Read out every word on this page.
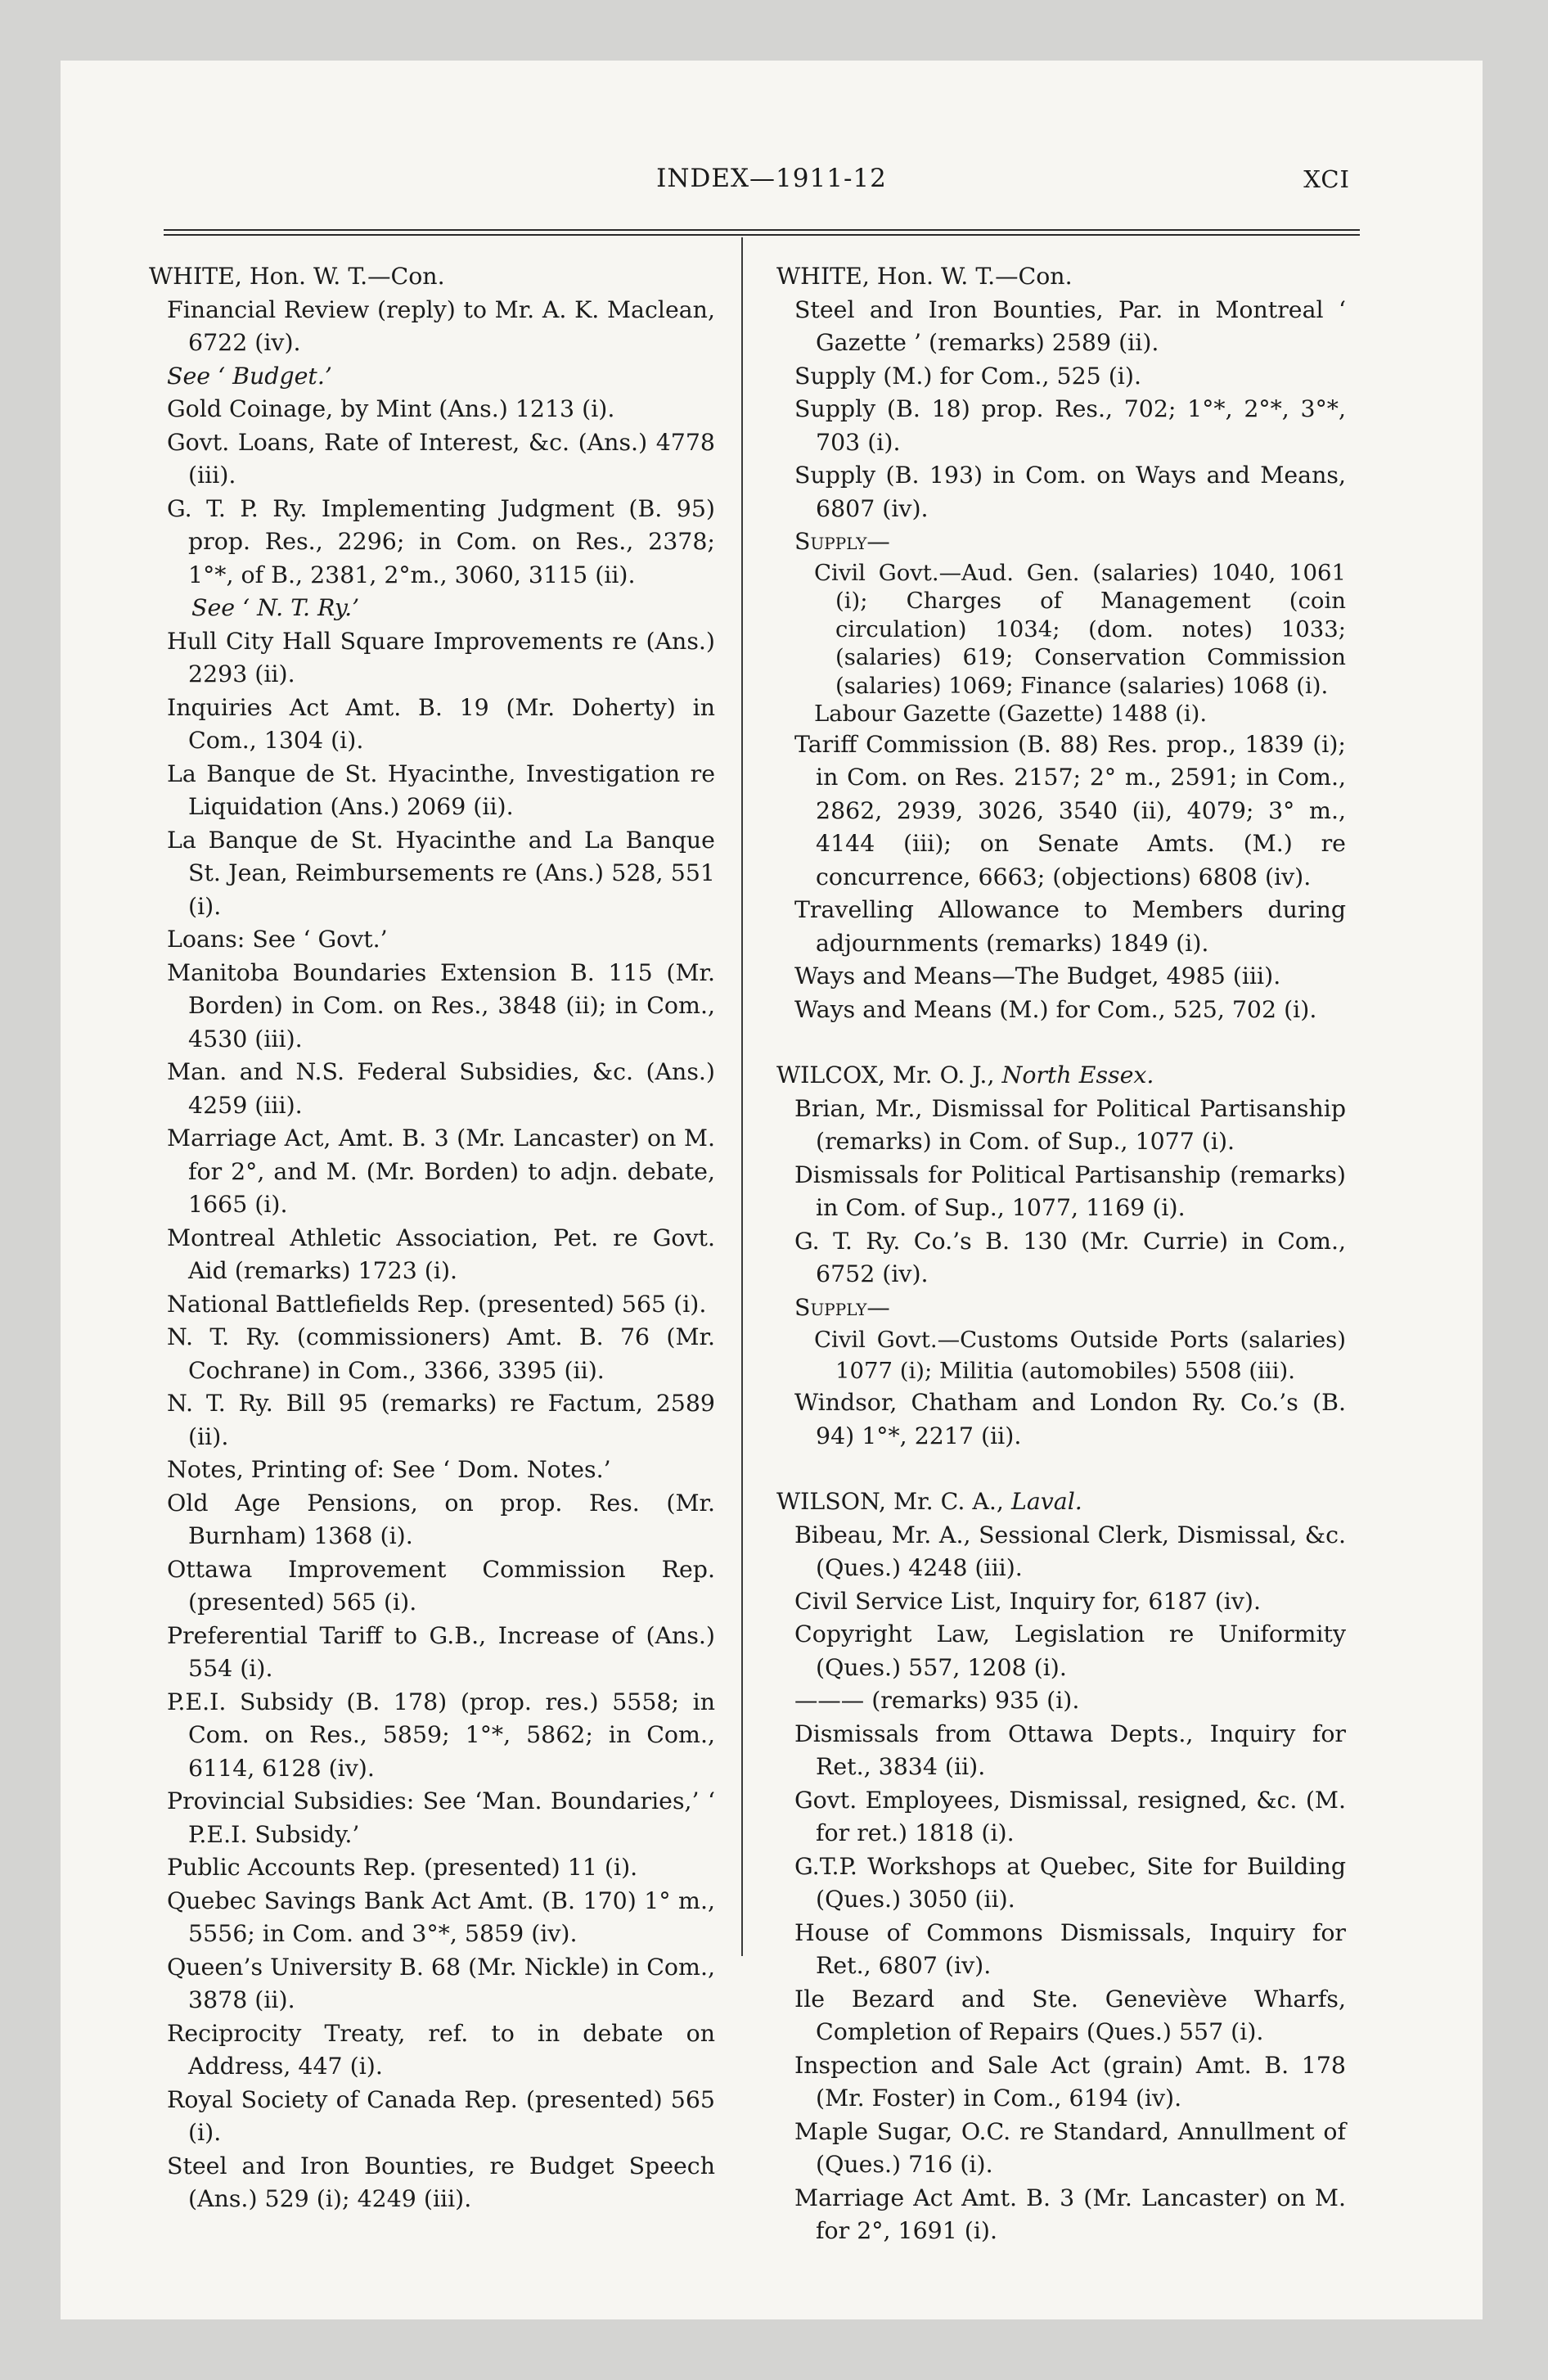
INDEX—1911-12	XCI

WHITE, Hon. W. T.—Con.

Financial Review (reply) to Mr. A. K. Maclean, 6722 (iv).

See ‘ Budget.’

Gold Coinage, by Mint (Ans.) 1213 (i).

Govt. Loans, Rate of Interest, &c. (Ans.) 4778 (iii).

G. T. P. Ry. Implementing Judgment (B. 95) prop. Res., 2296; in Com. on Res., 2378; 1°*, of B., 2381, 2°m., 3060, 3115 (ii).

See ‘ N. T. Ry.’

Hull City Hall Square Improvements re (Ans.) 2293 (ii).

Inquiries Act Amt. B. 19 (Mr. Doherty) in Com., 1304 (i).

La Banque de St. Hyacinthe, Investigation re Liquidation (Ans.) 2069 (ii).

La Banque de St. Hyacinthe and La Banque St. Jean, Reimbursements re (Ans.) 528, 551 (i).

Loans: See ‘ Govt.’

Manitoba Boundaries Extension B. 115 (Mr. Borden) in Com. on Res., 3848 (ii); in Com., 4530 (iii).

Man. and N.S. Federal Subsidies, &c. (Ans.) 4259 (iii).

Marriage Act, Amt. B. 3 (Mr. Lancaster) on M. for 2°, and M. (Mr. Borden) to adjn. debate, 1665 (i).

Montreal Athletic Association, Pet. re Govt. Aid (remarks) 1723 (i).

National Battlefields Rep. (presented) 565 (i).

N. T. Ry. (commissioners) Amt. B. 76 (Mr. Cochrane) in Com., 3366, 3395 (ii).

N. T. Ry. Bill 95 (remarks) re Factum, 2589 (ii).

Notes, Printing of: See ‘ Dom. Notes.’

Old Age Pensions, on prop. Res. (Mr. Burnham) 1368 (i).

Ottawa Improvement Commission Rep. (presented) 565 (i).

Preferential Tariff to G.B., Increase of (Ans.) 554 (i).

P.E.I. Subsidy (B. 178) (prop. res.) 5558; in Com. on Res., 5859; 1°*, 5862; in Com., 6114, 6128 (iv).

Provincial Subsidies: See ‘Man. Boundaries,’ ‘ P.E.I. Subsidy.’

Public Accounts Rep. (presented) 11 (i).

Quebec Savings Bank Act Amt. (B. 170) 1° m., 5556; in Com. and 3°*, 5859 (iv).

Queen’s University B. 68 (Mr. Nickle) in Com., 3878 (ii).

Reciprocity Treaty, ref. to in debate on Address, 447 (i).

Royal Society of Canada Rep. (presented) 565 (i).

Steel and Iron Bounties, re Budget Speech (Ans.) 529 (i); 4249 (iii).

WHITE, Hon. W. T.—Con.

Steel and Iron Bounties, Par. in Montreal ‘ Gazette ’ (remarks) 2589 (ii).

Supply (M.) for Com., 525 (i).

Supply (B. 18) prop. Res., 702; 1°*, 2°*, 3°*, 703 (i).

Supply (B. 193) in Com. on Ways and Means, 6807 (iv).

Supply—

Civil Govt.—Aud. Gen. (salaries) 1040, 1061 (i); Charges of Management (coin circulation) 1034; (dom. notes) 1033; (salaries) 619; Conservation Commission (salaries) 1069; Finance (salaries) 1068 (i).

Labour Gazette (Gazette) 1488 (i).

Tariff Commission (B. 88) Res. prop., 1839 (i); in Com. on Res. 2157; 2° m., 2591; in Com., 2862, 2939, 3026, 3540 (ii), 4079; 3° m., 4144 (iii); on Senate Amts. (M.) re concurrence, 6663; (objections) 6808 (iv).

Travelling Allowance to Members during adjournments (remarks) 1849 (i).

Ways and Means—The Budget, 4985 (iii).

Ways and Means (M.) for Com., 525, 702 (i).

WILCOX, Mr. O. J., North Essex.

Brian, Mr., Dismissal for Political Partisanship (remarks) in Com. of Sup., 1077 (i).

Dismissals for Political Partisanship (remarks) in Com. of Sup., 1077, 1169 (i).

G. T. Ry. Co.’s B. 130 (Mr. Currie) in Com., 6752 (iv).

Supply—

Civil Govt.—Customs Outside Ports (salaries) 1077 (i); Militia (automobiles) 5508 (iii).

Windsor, Chatham and London Ry. Co.’s (B. 94) 1°*, 2217 (ii).

WILSON, Mr. C. A., Laval.

Bibeau, Mr. A., Sessional Clerk, Dismissal, &c. (Ques.) 4248 (iii).

Civil Service List, Inquiry for, 6187 (iv).

Copyright Law, Legislation re Uniformity (Ques.) 557, 1208 (i).

——— (remarks) 935 (i).

Dismissals from Ottawa Depts., Inquiry for Ret., 3834 (ii).

Govt. Employees, Dismissal, resigned, &c. (M. for ret.) 1818 (i).

G.T.P. Workshops at Quebec, Site for Building (Ques.) 3050 (ii).

House of Commons Dismissals, Inquiry for Ret., 6807 (iv).

Ile Bezard and Ste. Geneviève Wharfs, Completion of Repairs (Ques.) 557 (i).

Inspection and Sale Act (grain) Amt. B. 178 (Mr. Foster) in Com., 6194 (iv).

Maple Sugar, O.C. re Standard, Annullment of (Ques.) 716 (i).

Marriage Act Amt. B. 3 (Mr. Lancaster) on M. for 2°, 1691 (i).
